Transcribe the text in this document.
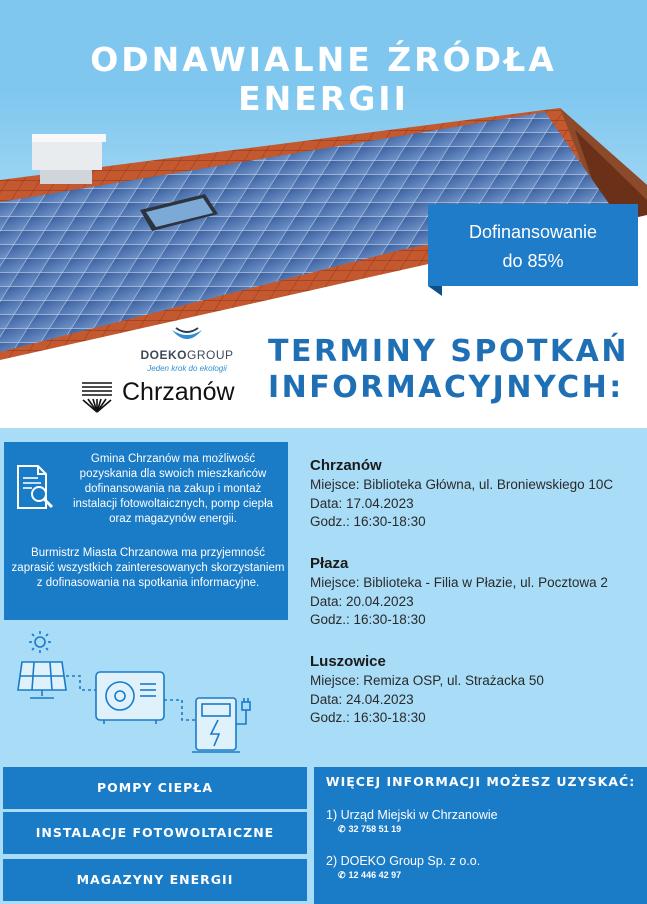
ODNAWIALNE ŹRÓDŁA ENERGII
Dofinansowanie
do 85%
DOEKOGROUP
Jeden krok do ekologii
Chrzanów
TERMINY SPOTKAŃ
INFORMACYJNYCH:
Gmina Chrzanów ma możliwość pozyskania dla swoich mieszkańców dofinansowania na zakup i montaż instalacji fotowoltaicznych, pomp ciepła oraz magazynów energii.
Burmistrz Miasta Chrzanowa ma przyjemność zaprasić wszystkich zainteresowanych skorzystaniem z dofinasowania na spotkania informacyjne.
Chrzanów
Miejsce: Biblioteka Główna, ul. Broniewskiego 10C
Data: 17.04.2023
Godz.: 16:30-18:30
Płaza
Miejsce: Biblioteka - Filia w Płazie, ul. Pocztowa 2
Data: 20.04.2023
Godz.: 16:30-18:30
Luszowice
Miejsce: Remiza OSP, ul. Strażacka 50
Data: 24.04.2023
Godz.: 16:30-18:30
POMPY CIEPŁA
INSTALACJE FOTOWOLTAICZNE
MAGAZYNY ENERGII
WIĘCEJ INFORMACJI MOŻESZ UZYSKAĆ:
1) Urząd Miejski w Chrzanowie
✆ 32 758 51 19
2) DOEKO Group Sp. z o.o.
✆ 12 446 42 97
